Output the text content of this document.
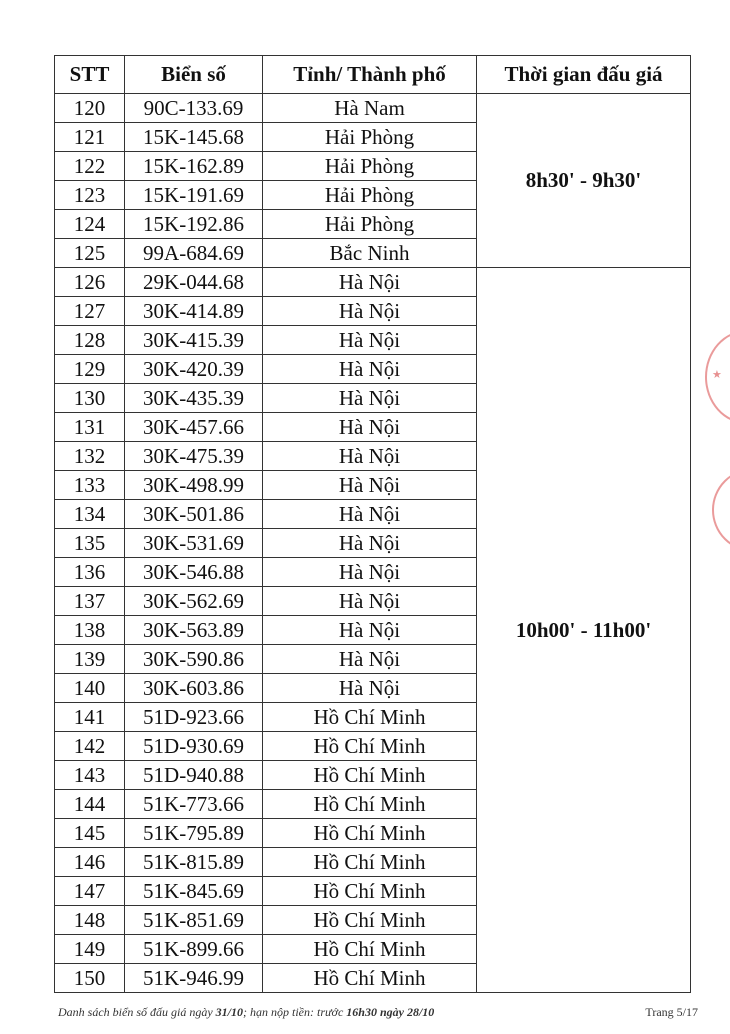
STT	Biển số	Tỉnh/ Thành phố	Thời gian đấu giá
120	90C-133.69	Hà Nam	8h30' - 9h30'
121	15K-145.68	Hải Phòng	
122	15K-162.89	Hải Phòng	
123	15K-191.69	Hải Phòng	
124	15K-192.86	Hải Phòng	
125	99A-684.69	Bắc Ninh	
126	29K-044.68	Hà Nội	10h00' - 11h00'
127	30K-414.89	Hà Nội	
128	30K-415.39	Hà Nội	
129	30K-420.39	Hà Nội	
130	30K-435.39	Hà Nội	
131	30K-457.66	Hà Nội	
132	30K-475.39	Hà Nội	
133	30K-498.99	Hà Nội	
134	30K-501.86	Hà Nội	
135	30K-531.69	Hà Nội	
136	30K-546.88	Hà Nội	
137	30K-562.69	Hà Nội	
138	30K-563.89	Hà Nội	
139	30K-590.86	Hà Nội	
140	30K-603.86	Hà Nội	
141	51D-923.66	Hồ Chí Minh	
142	51D-930.69	Hồ Chí Minh	
143	51D-940.88	Hồ Chí Minh	
144	51K-773.66	Hồ Chí Minh	
145	51K-795.89	Hồ Chí Minh	
146	51K-815.89	Hồ Chí Minh	
147	51K-845.69	Hồ Chí Minh	
148	51K-851.69	Hồ Chí Minh	
149	51K-899.66	Hồ Chí Minh	
150	51K-946.99	Hồ Chí Minh	
★
Danh sách biển số đấu giá ngày 31/10; hạn nộp tiền: trước 16h30 ngày 28/10	Trang 5/17
